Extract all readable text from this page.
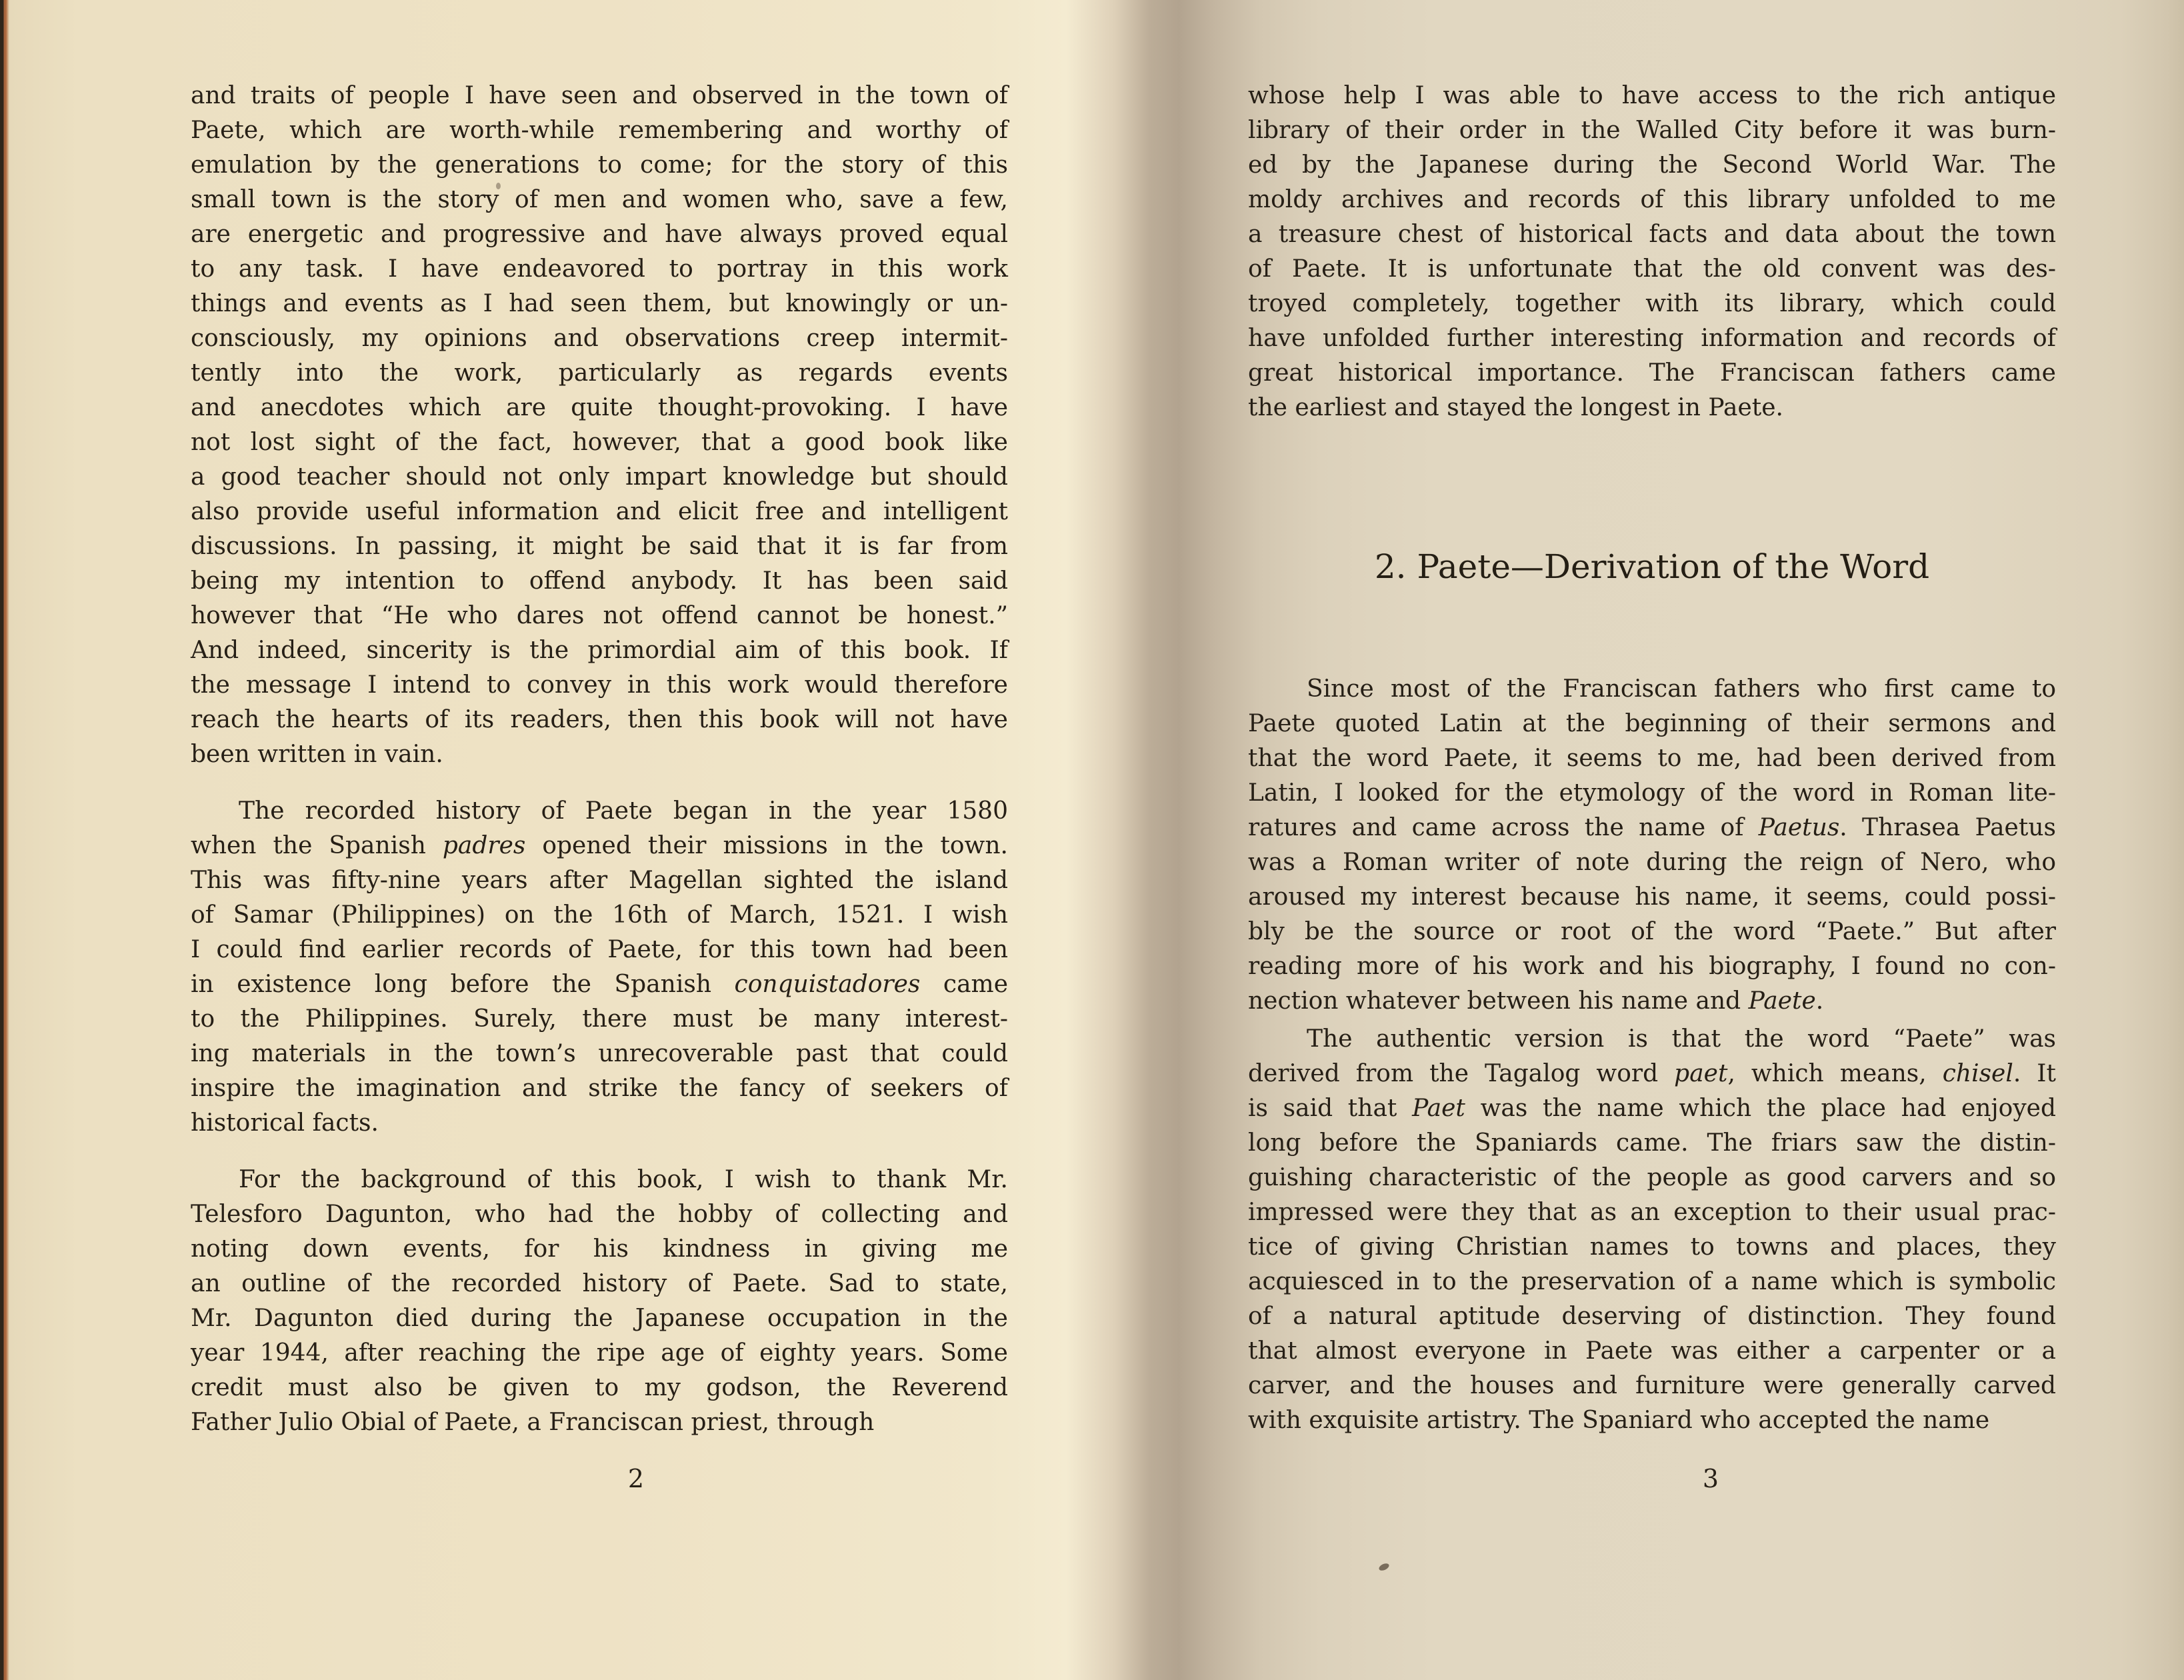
and traits of people I have seen and observed in the town of
Paete, which are worth-while remembering and worthy of
emulation by the generations to come; for the story of this
small town is the story of men and women who, save a few,
are energetic and progressive and have always proved equal
to any task. I have endeavored to portray in this work
things and events as I had seen them, but knowingly or un-
consciously, my opinions and observations creep intermit-
tently into the work, particularly as regards events
and anecdotes which are quite thought-provoking. I have
not lost sight of the fact, however, that a good book like
a good teacher should not only impart knowledge but should
also provide useful information and elicit free and intelligent
discussions. In passing, it might be said that it is far from
being my intention to offend anybody. It has been said
however that “He who dares not offend cannot be honest.”
And indeed, sincerity is the primordial aim of this book. If
the message I intend to convey in this work would therefore
reach the hearts of its readers, then this book will not have
been written in vain.
The recorded history of Paete began in the year 1580
when the Spanish padres opened their missions in the town.
This was fifty-nine years after Magellan sighted the island
of Samar (Philippines) on the 16th of March, 1521. I wish
I could find earlier records of Paete, for this town had been
in existence long before the Spanish conquistadores came
to the Philippines. Surely, there must be many interest-
ing materials in the town’s unrecoverable past that could
inspire the imagination and strike the fancy of seekers of
historical facts.
For the background of this book, I wish to thank Mr.
Telesforo Dagunton, who had the hobby of collecting and
noting down events, for his kindness in giving me
an outline of the recorded history of Paete. Sad to state,
Mr. Dagunton died during the Japanese occupation in the
year 1944, after reaching the ripe age of eighty years. Some
credit must also be given to my godson, the Reverend
Father Julio Obial of Paete, a Franciscan priest, through
whose help I was able to have access to the rich antique
library of their order in the Walled City before it was burn-
ed by the Japanese during the Second World War. The
moldy archives and records of this library unfolded to me
a treasure chest of historical facts and data about the town
of Paete. It is unfortunate that the old convent was des-
troyed completely, together with its library, which could
have unfolded further interesting information and records of
great historical importance. The Franciscan fathers came
the earliest and stayed the longest in Paete.
2. Paete—Derivation of the Word
Since most of the Franciscan fathers who first came to
Paete quoted Latin at the beginning of their sermons and
that the word Paete, it seems to me, had been derived from
Latin, I looked for the etymology of the word in Roman lite-
ratures and came across the name of Paetus. Thrasea Paetus
was a Roman writer of note during the reign of Nero, who
aroused my interest because his name, it seems, could possi-
bly be the source or root of the word “Paete.” But after
reading more of his work and his biography, I found no con-
nection whatever between his name and Paete.
The authentic version is that the word “Paete” was
derived from the Tagalog word paet, which means, chisel. It
is said that Paet was the name which the place had enjoyed
long before the Spaniards came. The friars saw the distin-
guishing characteristic of the people as good carvers and so
impressed were they that as an exception to their usual prac-
tice of giving Christian names to towns and places, they
acquiesced in to the preservation of a name which is symbolic
of a natural aptitude deserving of distinction. They found
that almost everyone in Paete was either a carpenter or a
carver, and the houses and furniture were generally carved
with exquisite artistry. The Spaniard who accepted the name
2	3
